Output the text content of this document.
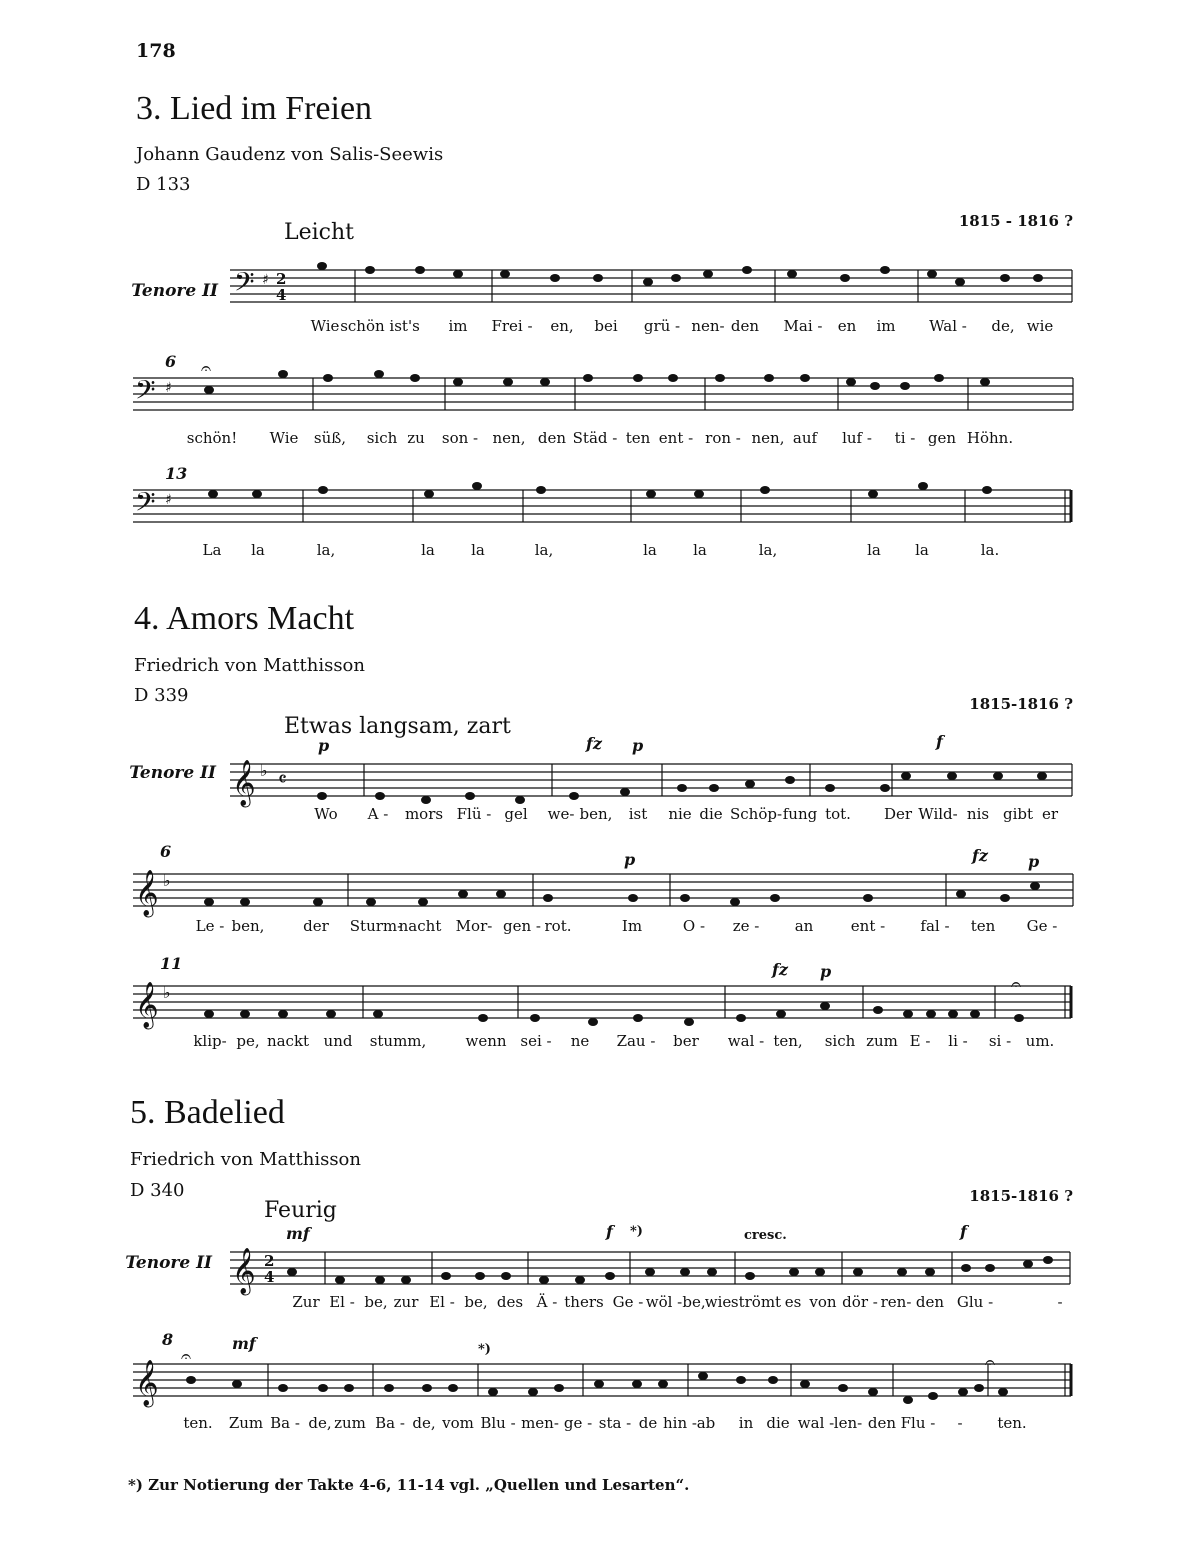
178
3. Lied im Freien
Johann Gaudenz von Salis-Seewis
D 133
1815 - 1816 ?
Leicht
Tenore II 𝄢 ♯ 2
4
Wie schön ist's im Frei - en, bei grü - nen- den Mai - en im Wal - de, wie
6
𝄢 ♯
𝄐
schön! Wie süß, sich zu son - nen, den Städ - ten ent - ron - nen, auf luf - ti - gen Höhn.
13
𝄢 ♯
La la	la,	la la	la,	la la	la,	la la	la.
4. Amors Macht
Friedrich von Matthisson
D 339	1815-1816 ?
Etwas langsam, zart
Tenore II
p	fz p	f
𝄞 ♭ 𝄴
Wo A - mors Flü - gel we- ben, ist nie die Schöp- fung tot. Der Wild- nis gibt er
6	p	fz	p
𝄞 ♭
Le - ben,	der Sturm-
nacht Mor- gen - rot.	Im	O - ze - an ent - fal - ten Ge -
11	fz p
𝄞 ♭	𝄐
klip- pe, nackt und stumm,	wenn sei - ne Zau - ber wal - ten, sich zum E - li - si - um.
5. Badelied
Friedrich von Matthisson
D 340	1815-1816 ?
Feurig
Tenore II
mf	f	f
*)	cresc.
𝄞 2
4
Zur El - be, zur El - be, des Ä - thers Ge - wöl - be, wie strömt es von dör - ren- den Glu -	-
8	mf	*)
𝄞
𝄐	𝄐
ten. Zum Ba - de, zum Ba - de, vom Blu - men- ge - sta - de hin - ab in die wal - len- den Flu - - ten.
*) Zur Notierung der Takte 4-6, 11-14 vgl. „Quellen und Lesarten“.
